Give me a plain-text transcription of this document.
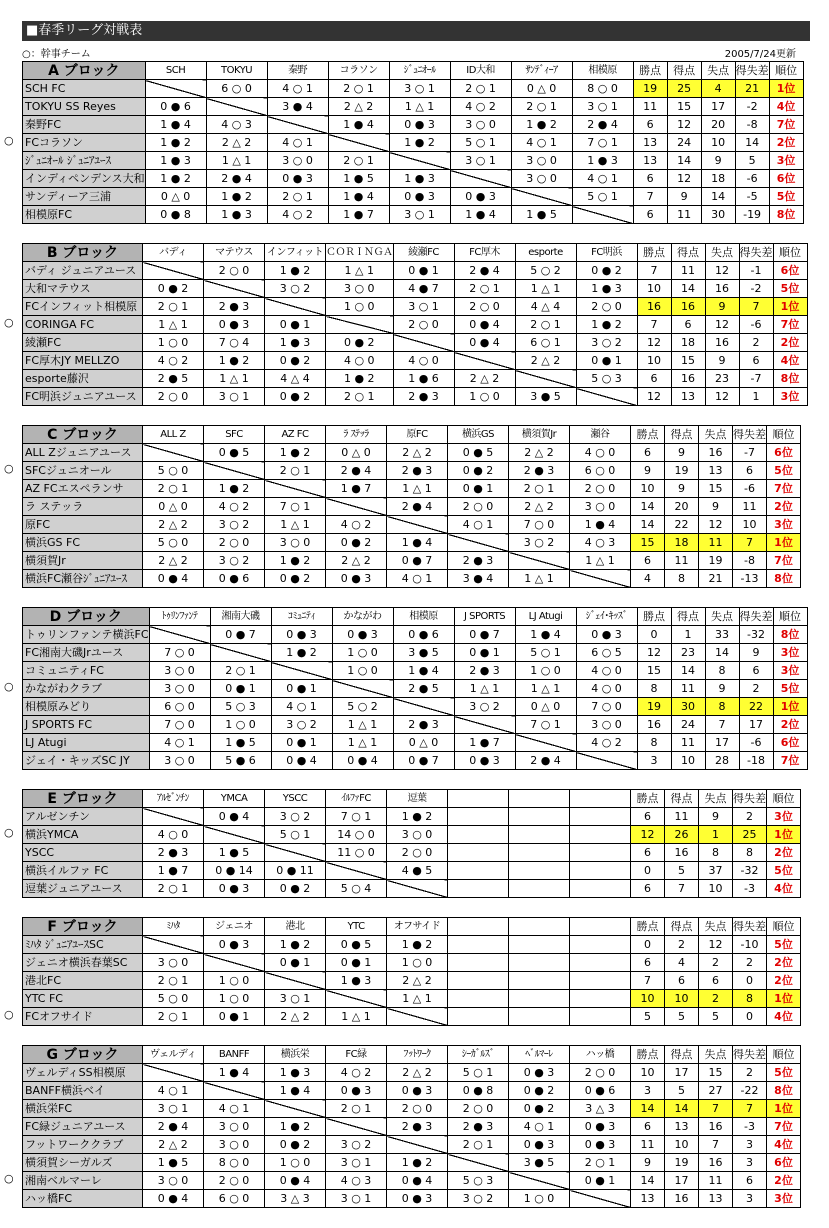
■春季リーグ対戦表
○：幹事チーム	2005/7/24更新
○
A ブロック	SCH	TOKYU	秦野	コラソン	ｼﾞｭﾆｵｰﾙ	ID大和	ｻﾝﾃﾞｨｰｱ	相模原	勝点	得点	失点	得失差	順位
SCH FC		6 ○ 0	4 ○ 1	2 ○ 1	3 ○ 1	2 ○ 1	0 △ 0	8 ○ 0	19	25	4	21	1位
TOKYU SS Reyes	0 ● 6		3 ● 4	2 △ 2	1 △ 1	4 ○ 2	2 ○ 1	3 ○ 1	11	15	17	-2	4位
秦野FC	1 ● 4	4 ○ 3		1 ● 4	0 ● 3	3 ○ 0	1 ● 2	2 ● 4	6	12	20	-8	7位
FCコラソン	1 ● 2	2 △ 2	4 ○ 1		1 ● 2	5 ○ 1	4 ○ 1	7 ○ 1	13	24	10	14	2位
ｼﾞｭﾆｵｰﾙ ｼﾞｭﾆｱﾕｰｽ	1 ● 3	1 △ 1	3 ○ 0	2 ○ 1		3 ○ 1	3 ○ 0	1 ● 3	13	14	9	5	3位
インディペンデンス大和	1 ● 2	2 ● 4	0 ● 3	1 ● 5	1 ● 3		3 ○ 0	4 ○ 1	6	12	18	-6	6位
サンディーア三浦	0 △ 0	1 ● 2	2 ○ 1	1 ● 4	0 ● 3	0 ● 3		5 ○ 1	7	9	14	-5	5位
相模原FC	0 ● 8	1 ● 3	4 ○ 2	1 ● 7	3 ○ 1	1 ● 4	1 ● 5		6	11	30	-19	8位
○
B ブロック	バディ	マテウス	インフィット	ＣＯＲＩＮＧＡ	綾瀬FC	FC厚木	esporte	FC明浜	勝点	得点	失点	得失差	順位
バディ ジュニアユース		2 ○ 0	1 ● 2	1 △ 1	0 ● 1	2 ● 4	5 ○ 2	0 ● 2	7	11	12	-1	6位
大和マテウス	0 ● 2		3 ○ 2	3 ○ 0	4 ● 7	2 ○ 1	1 △ 1	1 ● 3	10	14	16	-2	5位
FCインフィット相模原	2 ○ 1	2 ● 3		1 ○ 0	3 ○ 1	2 ○ 0	4 △ 4	2 ○ 0	16	16	9	7	1位
CORINGA FC	1 △ 1	0 ● 3	0 ● 1		2 ○ 0	0 ● 4	2 ○ 1	1 ● 2	7	6	12	-6	7位
綾瀬FC	1 ○ 0	7 ○ 4	1 ● 3	0 ● 2		0 ● 4	6 ○ 1	3 ○ 2	12	18	16	2	2位
FC厚木JY MELLZO	4 ○ 2	1 ● 2	0 ● 2	4 ○ 0	4 ○ 0		2 △ 2	0 ● 1	10	15	9	6	4位
esporte藤沢	2 ● 5	1 △ 1	4 △ 4	1 ● 2	1 ● 6	2 △ 2		5 ○ 3	6	16	23	-7	8位
FC明浜ジュニアユース	2 ○ 0	3 ○ 1	0 ● 2	2 ○ 1	2 ● 3	1 ○ 0	3 ● 5		12	13	12	1	3位
○
C ブロック	ALL Z	SFC	AZ FC	ﾗ ｽﾃｯﾗ	原FC	横浜GS	横須賀Jr	瀬谷	勝点	得点	失点	得失差	順位
ALL Zジュニアユース		0 ● 5	1 ● 2	0 △ 0	2 △ 2	0 ● 5	2 △ 2	4 ○ 0	6	9	16	-7	6位
SFCジュニオール	5 ○ 0		2 ○ 1	2 ● 4	2 ● 3	0 ● 2	2 ● 3	6 ○ 0	9	19	13	6	5位
AZ FCエスペランサ	2 ○ 1	1 ● 2		1 ● 7	1 △ 1	0 ● 1	2 ○ 1	2 ○ 0	10	9	15	-6	7位
ラ ステッラ	0 △ 0	4 ○ 2	7 ○ 1		2 ● 4	2 ○ 0	2 △ 2	3 ○ 0	14	20	9	11	2位
原FC	2 △ 2	3 ○ 2	1 △ 1	4 ○ 2		4 ○ 1	7 ○ 0	1 ● 4	14	22	12	10	3位
横浜GS FC	5 ○ 0	2 ○ 0	3 ○ 0	0 ● 2	1 ● 4		3 ○ 2	4 ○ 3	15	18	11	7	1位
横須賀Jr	2 △ 2	3 ○ 2	1 ● 2	2 △ 2	0 ● 7	2 ● 3		1 △ 1	6	11	19	-8	7位
横浜FC瀬谷ｼﾞｭﾆｱﾕｰｽ	0 ● 4	0 ● 6	0 ● 2	0 ● 3	4 ○ 1	3 ● 4	1 △ 1		4	8	21	-13	8位
○
D ブロック	ﾄｩﾘﾝﾌｧﾝﾃ	湘南大磯	ｺﾐｭﾆﾃｨ	かながわ	相模原	J SPORTS	LJ Atugi	ｼﾞｪｲ･ｷｯｽﾞ	勝点	得点	失点	得失差	順位
トゥリンファンテ横浜FC		0 ● 7	0 ● 3	0 ● 3	0 ● 6	0 ● 7	1 ● 4	0 ● 3	0	1	33	-32	8位
FC湘南大磯Jrユース	7 ○ 0		1 ● 2	1 ○ 0	3 ● 5	0 ● 1	5 ○ 1	6 ○ 5	12	23	14	9	3位
コミュニティFC	3 ○ 0	2 ○ 1		1 ○ 0	1 ● 4	2 ● 3	1 ○ 0	4 ○ 0	15	14	8	6	3位
かながわクラブ	3 ○ 0	0 ● 1	0 ● 1		2 ● 5	1 △ 1	1 △ 1	4 ○ 0	8	11	9	2	5位
相模原みどり	6 ○ 0	5 ○ 3	4 ○ 1	5 ○ 2		3 ○ 2	0 △ 0	7 ○ 0	19	30	8	22	1位
J SPORTS FC	7 ○ 0	1 ○ 0	3 ○ 2	1 △ 1	2 ● 3		7 ○ 1	3 ○ 0	16	24	7	17	2位
LJ Atugi	4 ○ 1	1 ● 5	0 ● 1	1 △ 1	0 △ 0	1 ● 7		4 ○ 2	8	11	17	-6	6位
ジェイ・キッズSC JY	3 ○ 0	5 ● 6	0 ● 4	0 ● 4	0 ● 7	0 ● 3	2 ● 4		3	10	28	-18	7位
○
E ブロック	ｱﾙｾﾞﾝﾁﾝ	YMCA	YSCC	ｲﾙﾌｧFC	逗葉				勝点	得点	失点	得失差	順位
アルゼンチン		0 ● 4	3 ○ 2	7 ○ 1	1 ● 2				6	11	9	2	3位
横浜YMCA	4 ○ 0		5 ○ 1	14 ○ 0	3 ○ 0				12	26	1	25	1位
YSCC	2 ● 3	1 ● 5		11 ○ 0	2 ○ 0				6	16	8	8	2位
横浜イルファ FC	1 ● 7	0 ● 14	0 ● 11		4 ● 5				0	5	37	-32	5位
逗葉ジュニアユース	2 ○ 1	0 ● 3	0 ● 2	5 ○ 4					6	7	10	-3	4位
○
F ブロック	ﾐﾊﾀ	ジェニオ	港北	YTC	オフサイド				勝点	得点	失点	得失差	順位
ﾐﾊﾀ ｼﾞｭﾆｱﾕｰｽSC		0 ● 3	1 ● 2	0 ● 5	1 ● 2				0	2	12	-10	5位
ジェニオ横浜春葉SC	3 ○ 0		0 ● 1	0 ● 1	1 ○ 0				6	4	2	2	2位
港北FC	2 ○ 1	1 ○ 0		1 ● 3	2 △ 2				7	6	6	0	2位
YTC FC	5 ○ 0	1 ○ 0	3 ○ 1		1 △ 1				10	10	2	8	1位
FCオフサイド	2 ○ 1	0 ● 1	2 △ 2	1 △ 1					5	5	5	0	4位
○
G ブロック	ヴェルディ	BANFF	横浜栄	FC緑	ﾌｯﾄﾜｰｸ	ｼｰｶﾞﾙｽﾞ	ﾍﾞﾙﾏｰﾚ	ハッ橋	勝点	得点	失点	得失差	順位
ヴェルディSS相模原		1 ● 4	1 ● 3	4 ○ 2	2 △ 2	5 ○ 1	0 ● 3	2 ○ 0	10	17	15	2	5位
BANFF横浜ベイ	4 ○ 1		1 ● 4	0 ● 3	0 ● 3	0 ● 8	0 ● 2	0 ● 6	3	5	27	-22	8位
横浜栄FC	3 ○ 1	4 ○ 1		2 ○ 1	2 ○ 0	2 ○ 0	0 ● 2	3 △ 3	14	14	7	7	1位
FC緑ジュニアユース	2 ● 4	3 ○ 0	1 ● 2		2 ● 3	2 ● 3	4 ○ 1	0 ● 3	6	13	16	-3	7位
フットワーククラブ	2 △ 2	3 ○ 0	0 ● 2	3 ○ 2		2 ○ 1	0 ● 3	0 ● 3	11	10	7	3	4位
横須賀シーガルズ	1 ● 5	8 ○ 0	1 ○ 0	3 ○ 1	1 ● 2		3 ● 5	2 ○ 1	9	19	16	3	6位
湘南ベルマーレ	3 ○ 0	2 ○ 0	0 ● 4	4 ○ 3	0 ● 4	5 ○ 3		0 ● 1	14	17	11	6	2位
ハッ橋FC	0 ● 4	6 ○ 0	3 △ 3	3 ○ 1	0 ● 3	3 ○ 2	1 ○ 0		13	16	13	3	3位
